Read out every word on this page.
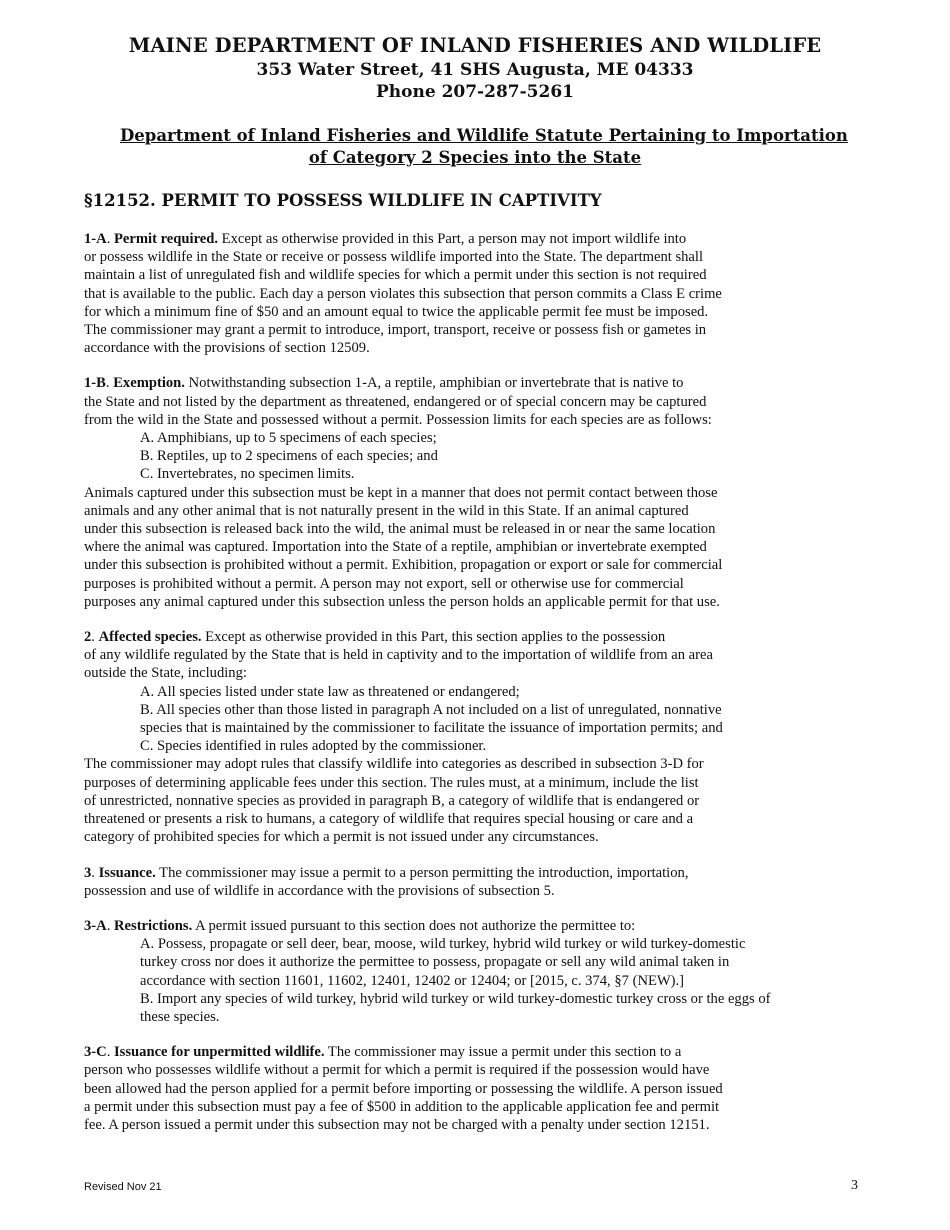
MAINE DEPARTMENT OF INLAND FISHERIES AND WILDLIFE
353 Water Street, 41 SHS Augusta, ME 04333
Phone 207-287-5261
Department of Inland Fisheries and Wildlife Statute Pertaining to Importation
of Category 2 Species into the State
§12152. PERMIT TO POSSESS WILDLIFE IN CAPTIVITY
1-A. Permit required. Except as otherwise provided in this Part, a person may not import wildlife into
or possess wildlife in the State or receive or possess wildlife imported into the State. The department shall
maintain a list of unregulated fish and wildlife species for which a permit under this section is not required
that is available to the public. Each day a person violates this subsection that person commits a Class E crime
for which a minimum fine of $50 and an amount equal to twice the applicable permit fee must be imposed.
The commissioner may grant a permit to introduce, import, transport, receive or possess fish or gametes in
accordance with the provisions of section 12509.
1-B. Exemption. Notwithstanding subsection 1-A, a reptile, amphibian or invertebrate that is native to
the State and not listed by the department as threatened, endangered or of special concern may be captured
from the wild in the State and possessed without a permit. Possession limits for each species are as follows:
A. Amphibians, up to 5 specimens of each species;
B. Reptiles, up to 2 specimens of each species; and
C. Invertebrates, no specimen limits.
Animals captured under this subsection must be kept in a manner that does not permit contact between those
animals and any other animal that is not naturally present in the wild in this State. If an animal captured
under this subsection is released back into the wild, the animal must be released in or near the same location
where the animal was captured. Importation into the State of a reptile, amphibian or invertebrate exempted
under this subsection is prohibited without a permit. Exhibition, propagation or export or sale for commercial
purposes is prohibited without a permit. A person may not export, sell or otherwise use for commercial
purposes any animal captured under this subsection unless the person holds an applicable permit for that use.
2. Affected species. Except as otherwise provided in this Part, this section applies to the possession
of any wildlife regulated by the State that is held in captivity and to the importation of wildlife from an area
outside the State, including:
A. All species listed under state law as threatened or endangered;
B. All species other than those listed in paragraph A not included on a list of unregulated, nonnative
species that is maintained by the commissioner to facilitate the issuance of importation permits; and
C. Species identified in rules adopted by the commissioner.
The commissioner may adopt rules that classify wildlife into categories as described in subsection 3-D for
purposes of determining applicable fees under this section. The rules must, at a minimum, include the list
of unrestricted, nonnative species as provided in paragraph B, a category of wildlife that is endangered or
threatened or presents a risk to humans, a category of wildlife that requires special housing or care and a
category of prohibited species for which a permit is not issued under any circumstances.
3. Issuance. The commissioner may issue a permit to a person permitting the introduction, importation,
possession and use of wildlife in accordance with the provisions of subsection 5.
3-A. Restrictions. A permit issued pursuant to this section does not authorize the permittee to:
A. Possess, propagate or sell deer, bear, moose, wild turkey, hybrid wild turkey or wild turkey-domestic
turkey cross nor does it authorize the permittee to possess, propagate or sell any wild animal taken in
accordance with section 11601, 11602, 12401, 12402 or 12404; or [2015, c. 374, §7 (NEW).]
B. Import any species of wild turkey, hybrid wild turkey or wild turkey-domestic turkey cross or the eggs of
these species.
3-C. Issuance for unpermitted wildlife. The commissioner may issue a permit under this section to a
person who possesses wildlife without a permit for which a permit is required if the possession would have
been allowed had the person applied for a permit before importing or possessing the wildlife. A person issued
a permit under this subsection must pay a fee of $500 in addition to the applicable application fee and permit
fee. A person issued a permit under this subsection may not be charged with a penalty under section 12151.
Revised Nov 21	3
